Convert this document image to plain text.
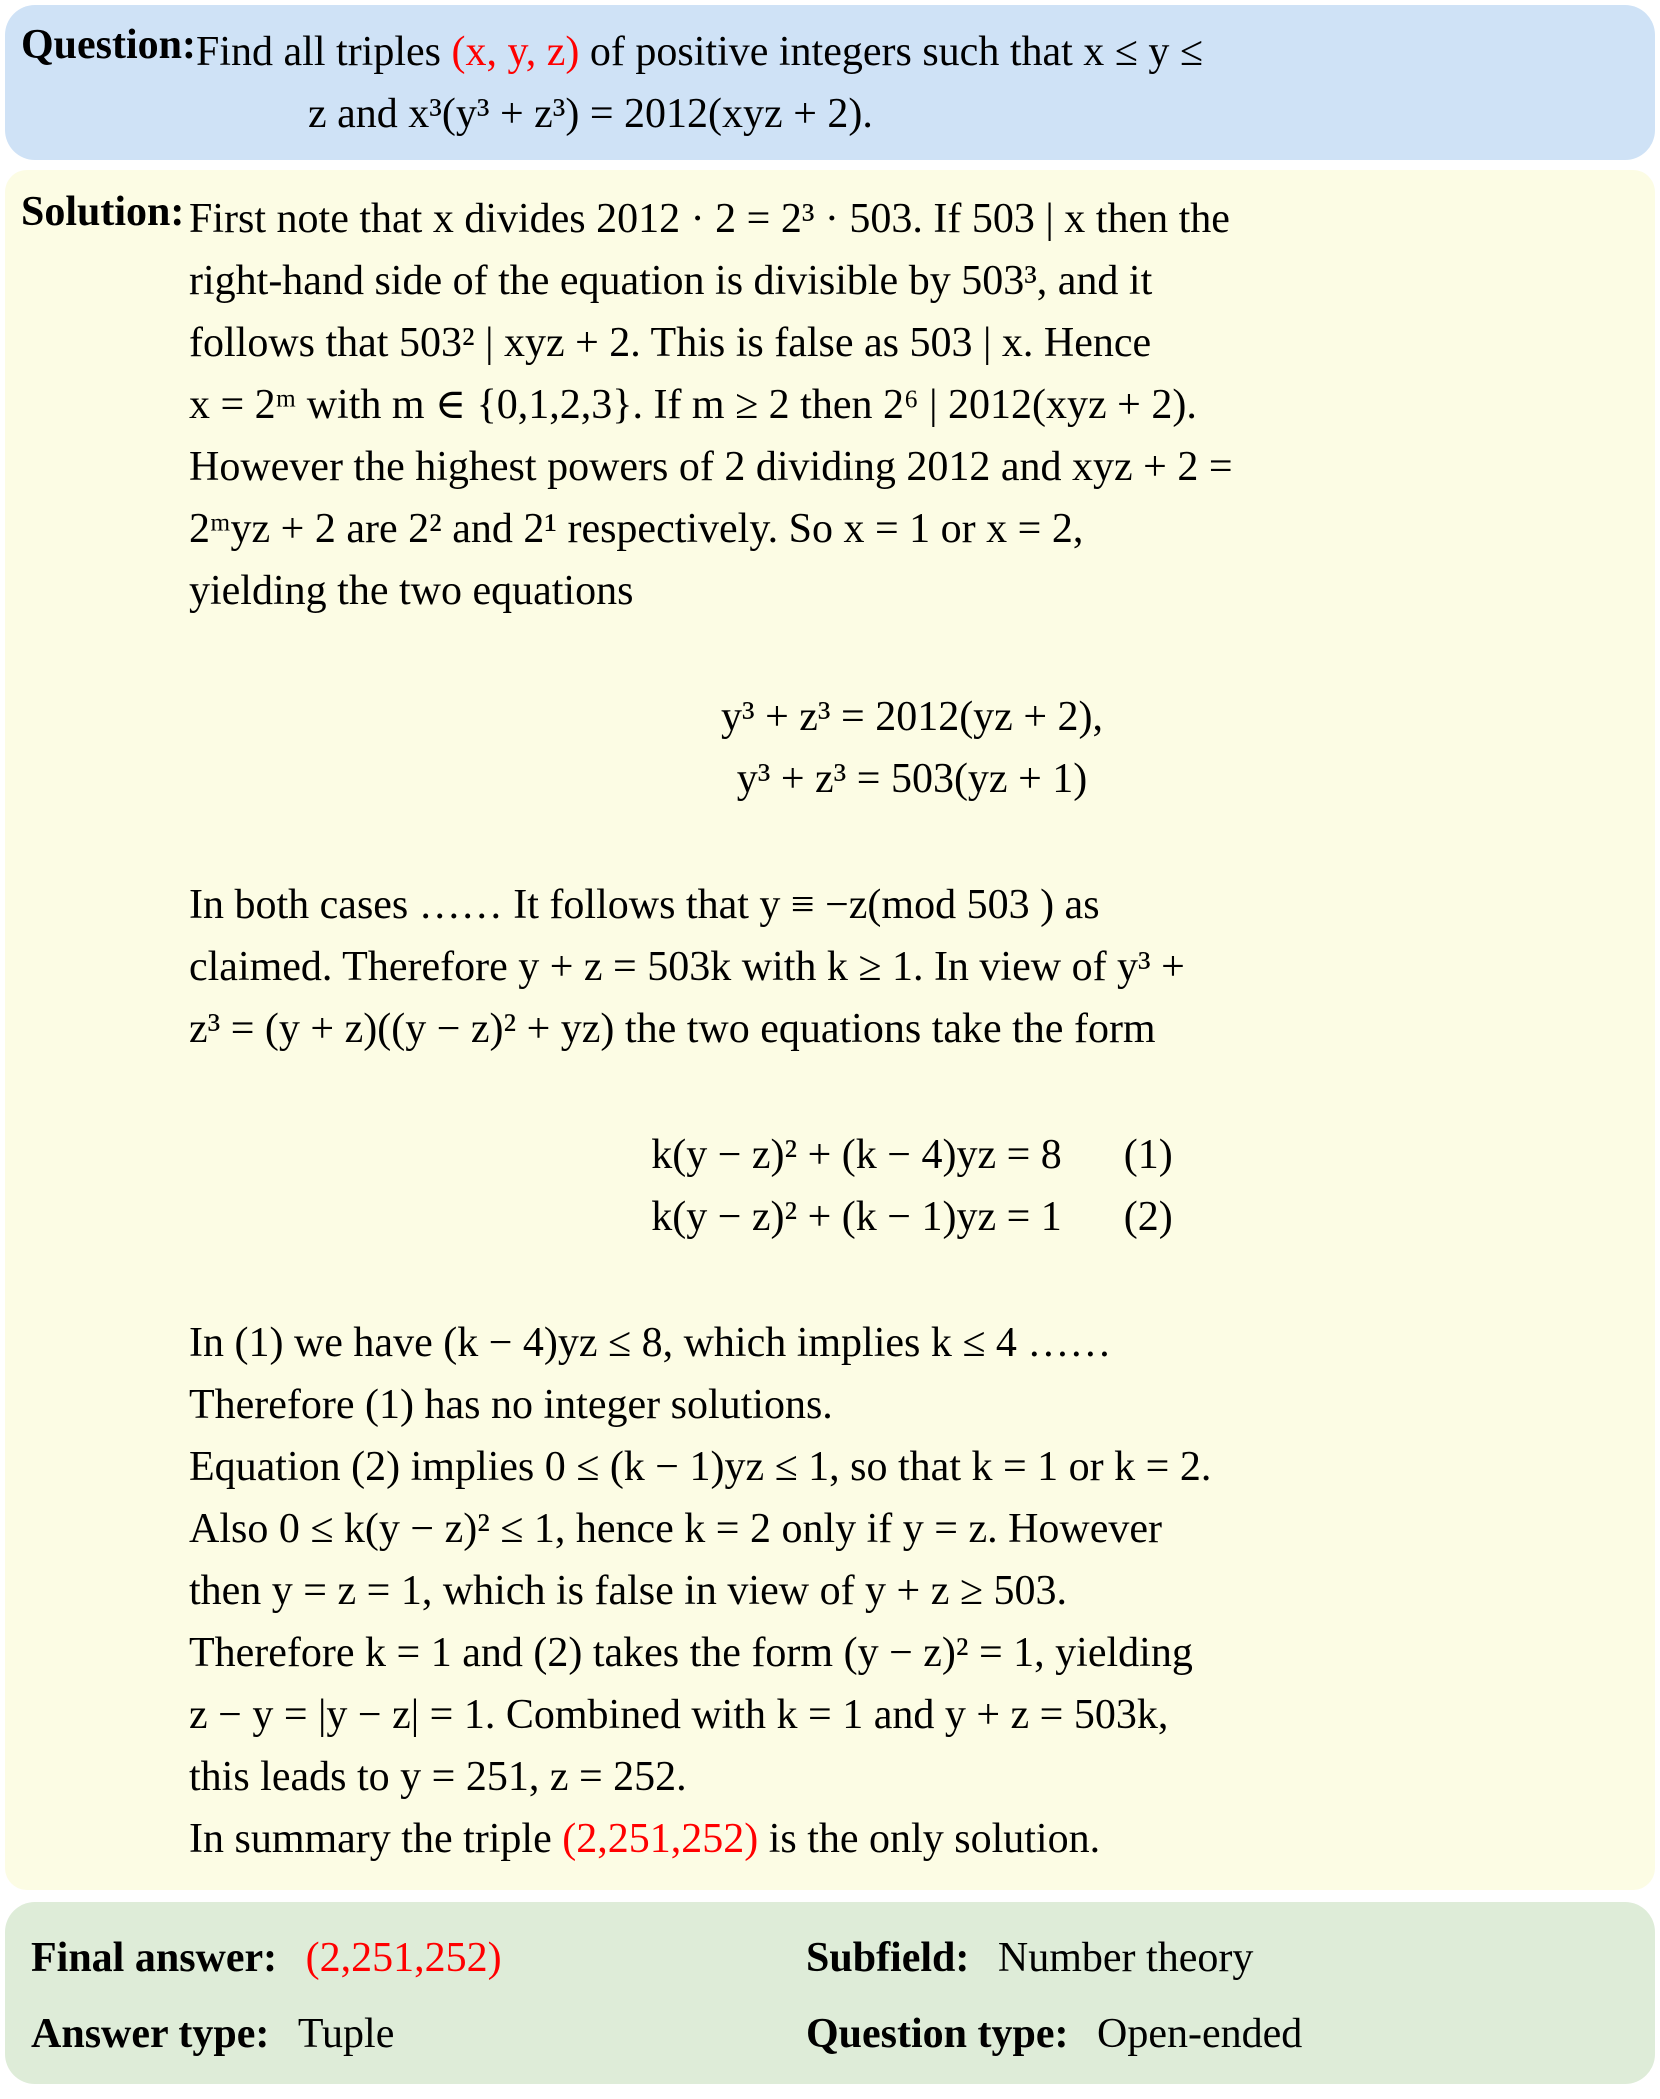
Question: Find all triples (x, y, z) of positive integers such that x ≤ y ≤
z and x³(y³ + z³) = 2012(xyz + 2).
Solution: First note that x divides 2012 · 2 = 2³ · 503. If 503 | x then the
right-hand side of the equation is divisible by 503³, and it
follows that 503² | xyz + 2. This is false as 503 | x. Hence
x = 2ᵐ with m ∈ {0,1,2,3}. If m ≥ 2 then 2⁶ | 2012(xyz + 2).
However the highest powers of 2 dividing 2012 and xyz + 2 =
2ᵐyz + 2 are 2² and 2¹ respectively. So x = 1 or x = 2,
yielding the two equations
y³ + z³ = 2012(yz + 2),
y³ + z³ = 503(yz + 1)
In both cases …… It follows that y ≡ −z(mod 503 ) as
claimed. Therefore y + z = 503k with k ≥ 1. In view of y³ +
z³ = (y + z)((y − z)² + yz) the two equations take the form
k(y − z)² + (k − 4)yz = 8 (1)
k(y − z)² + (k − 1)yz = 1 (2)
In (1) we have (k − 4)yz ≤ 8, which implies k ≤ 4 ……
Therefore (1) has no integer solutions.
Equation (2) implies 0 ≤ (k − 1)yz ≤ 1, so that k = 1 or k = 2.
Also 0 ≤ k(y − z)² ≤ 1, hence k = 2 only if y = z. However
then y = z = 1, which is false in view of y + z ≥ 503.
Therefore k = 1 and (2) takes the form (y − z)² = 1, yielding
z − y = |y − z| = 1. Combined with k = 1 and y + z = 503k,
this leads to y = 251, z = 252.
In summary the triple (2,251,252) is the only solution.
Final answer: (2,251,252)	Subfield: Number theory
Answer type: Tuple	Question type: Open-ended
